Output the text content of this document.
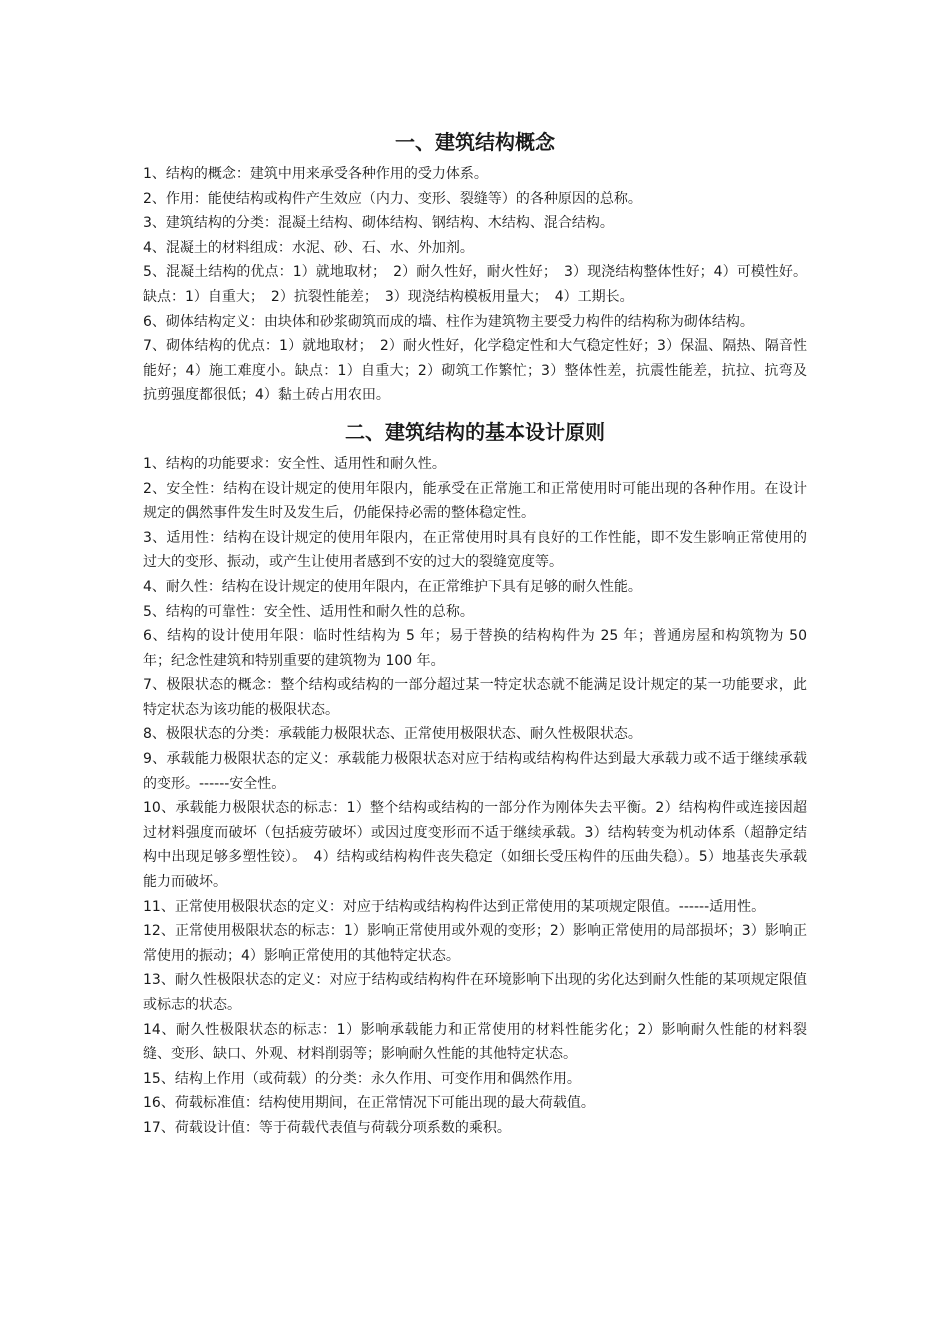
一、建筑结构概念

1、结构的概念：建筑中用来承受各种作用的受力体系。

2、作用：能使结构或构件产生效应（内力、变形、裂缝等）的各种原因的总称。

3、建筑结构的分类：混凝土结构、砌体结构、钢结构、木结构、混合结构。

4、混凝土的材料组成：水泥、砂、石、水、外加剂。

5、混凝土结构的优点：1）就地取材；　2）耐久性好，耐火性好；　3）现浇结构整体性好；4）可模性好。缺点：1）自重大；　2）抗裂性能差；　3）现浇结构模板用量大；　4）工期长。

6、砌体结构定义：由块体和砂浆砌筑而成的墙、柱作为建筑物主要受力构件的结构称为砌体结构。

7、砌体结构的优点：1）就地取材；　2）耐火性好，化学稳定性和大气稳定性好；3）保温、隔热、隔音性能好；4）施工难度小。缺点：1）自重大；2）砌筑工作繁忙；3）整体性差，抗震性能差，抗拉、抗弯及抗剪强度都很低；4）黏土砖占用农田。

二、建筑结构的基本设计原则

1、结构的功能要求：安全性、适用性和耐久性。

2、安全性：结构在设计规定的使用年限内，能承受在正常施工和正常使用时可能出现的各种作用。在设计规定的偶然事件发生时及发生后，仍能保持必需的整体稳定性。

3、适用性：结构在设计规定的使用年限内，在正常使用时具有良好的工作性能，即不发生影响正常使用的过大的变形、振动，或产生让使用者感到不安的过大的裂缝宽度等。

4、耐久性：结构在设计规定的使用年限内，在正常维护下具有足够的耐久性能。

5、结构的可靠性：安全性、适用性和耐久性的总称。

6、结构的设计使用年限：临时性结构为 5 年；易于替换的结构构件为 25 年；普通房屋和构筑物为 50 年；纪念性建筑和特别重要的建筑物为 100 年。

7、极限状态的概念：整个结构或结构的一部分超过某一特定状态就不能满足设计规定的某一功能要求，此特定状态为该功能的极限状态。

8、极限状态的分类：承载能力极限状态、正常使用极限状态、耐久性极限状态。

9、承载能力极限状态的定义：承载能力极限状态对应于结构或结构构件达到最大承载力或不适于继续承载的变形。------安全性。

10、承载能力极限状态的标志：1）整个结构或结构的一部分作为刚体失去平衡。2）结构构件或连接因超过材料强度而破坏（包括疲劳破坏）或因过度变形而不适于继续承载。3）结构转变为机动体系（超静定结构中出现足够多塑性铰）。　4）结构或结构构件丧失稳定（如细长受压构件的压曲失稳）。5）地基丧失承载能力而破坏。

11、正常使用极限状态的定义：对应于结构或结构构件达到正常使用的某项规定限值。------适用性。

12、正常使用极限状态的标志：1）影响正常使用或外观的变形；2）影响正常使用的局部损坏；3）影响正常使用的振动；4）影响正常使用的其他特定状态。

13、耐久性极限状态的定义：对应于结构或结构构件在环境影响下出现的劣化达到耐久性能的某项规定限值或标志的状态。

14、耐久性极限状态的标志：1）影响承载能力和正常使用的材料性能劣化；2）影响耐久性能的材料裂缝、变形、缺口、外观、材料削弱等；影响耐久性能的其他特定状态。

15、结构上作用（或荷载）的分类：永久作用、可变作用和偶然作用。

16、荷载标准值：结构使用期间，在正常情况下可能出现的最大荷载值。

17、荷载设计值：等于荷载代表值与荷载分项系数的乘积。
